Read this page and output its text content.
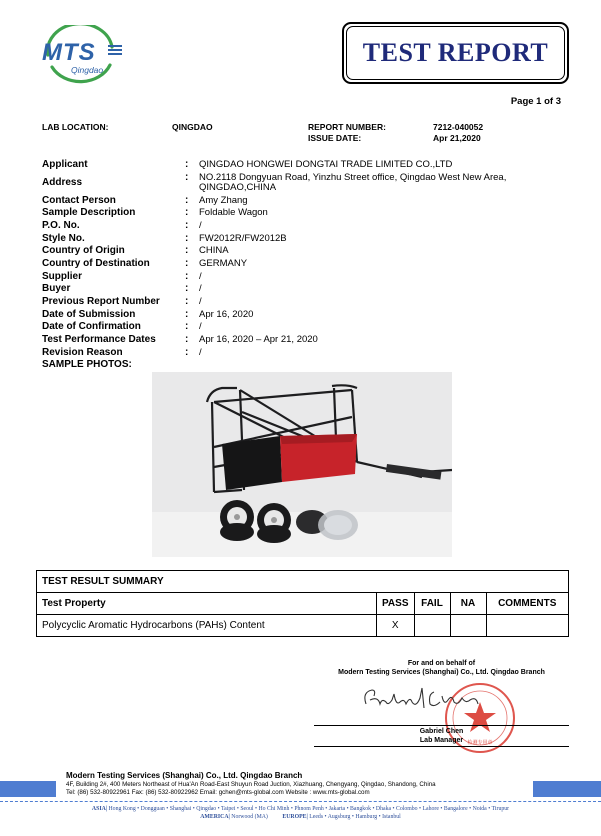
MTS
Qingdao
TEST REPORT
Page 1 of 3
LAB LOCATION:	QINGDAO	REPORT NUMBER:	7212-040052
ISSUE DATE:	Apr 21,2020
Applicant	: QINGDAO HONGWEI DONGTAI TRADE LIMITED CO.,LTD
Address	: NO.2118 Dongyuan Road, Yinzhu Street office, Qingdao West New Area,
QINGDAO,CHINA
Contact Person	: Amy Zhang
Sample Description	: Foldable Wagon
P.O. No.	: /
Style No.	: FW2012R/FW2012B
Country of Origin	: CHINA
Country of Destination	: GERMANY
Supplier	: /
Buyer	: /
Previous Report Number	: /
Date of Submission	: Apr 16, 2020
Date of Confirmation	: /
Test Performance Dates	: Apr 16, 2020 – Apr 21, 2020
Revision Reason	: /
SAMPLE PHOTOS:
TEST RESULT SUMMARY				
Test Property	PASS	FAIL	NA	COMMENTS
Polycyclic Aromatic Hydrocarbons (PAHs) Content	X			
For and on behalf of
Modern Testing Services (Shanghai) Co., Ltd. Qingdao Branch
检测专用章
Gabriel Chen
Lab Manager
Modern Testing Services (Shanghai) Co., Ltd. Qingdao Branch
4F, Building 2#, 400 Meters Northeast of Hua'An Road-East Shuyun Road Juction, Xiazhuang, Chengyang, Qingdao, Shandong, China
Tel: (86) 532-80922961 Fax: (86) 532-80922962 Email: gchen@mts-global.com Website : www.mts-global.com
ASIA| Hong Kong • Dongguan • Shanghai • Qingdao • Taipei • Seoul • Ho Chi Minh • Phnom Penh • Jakarta • Bangkok • Dhaka • Colombo • Lahore • Bangalore • Noida • Tirupur
AMERICA| Norwood (MA)	EUROPE| Leeds • Augsburg • Hamburg • Istanbul
